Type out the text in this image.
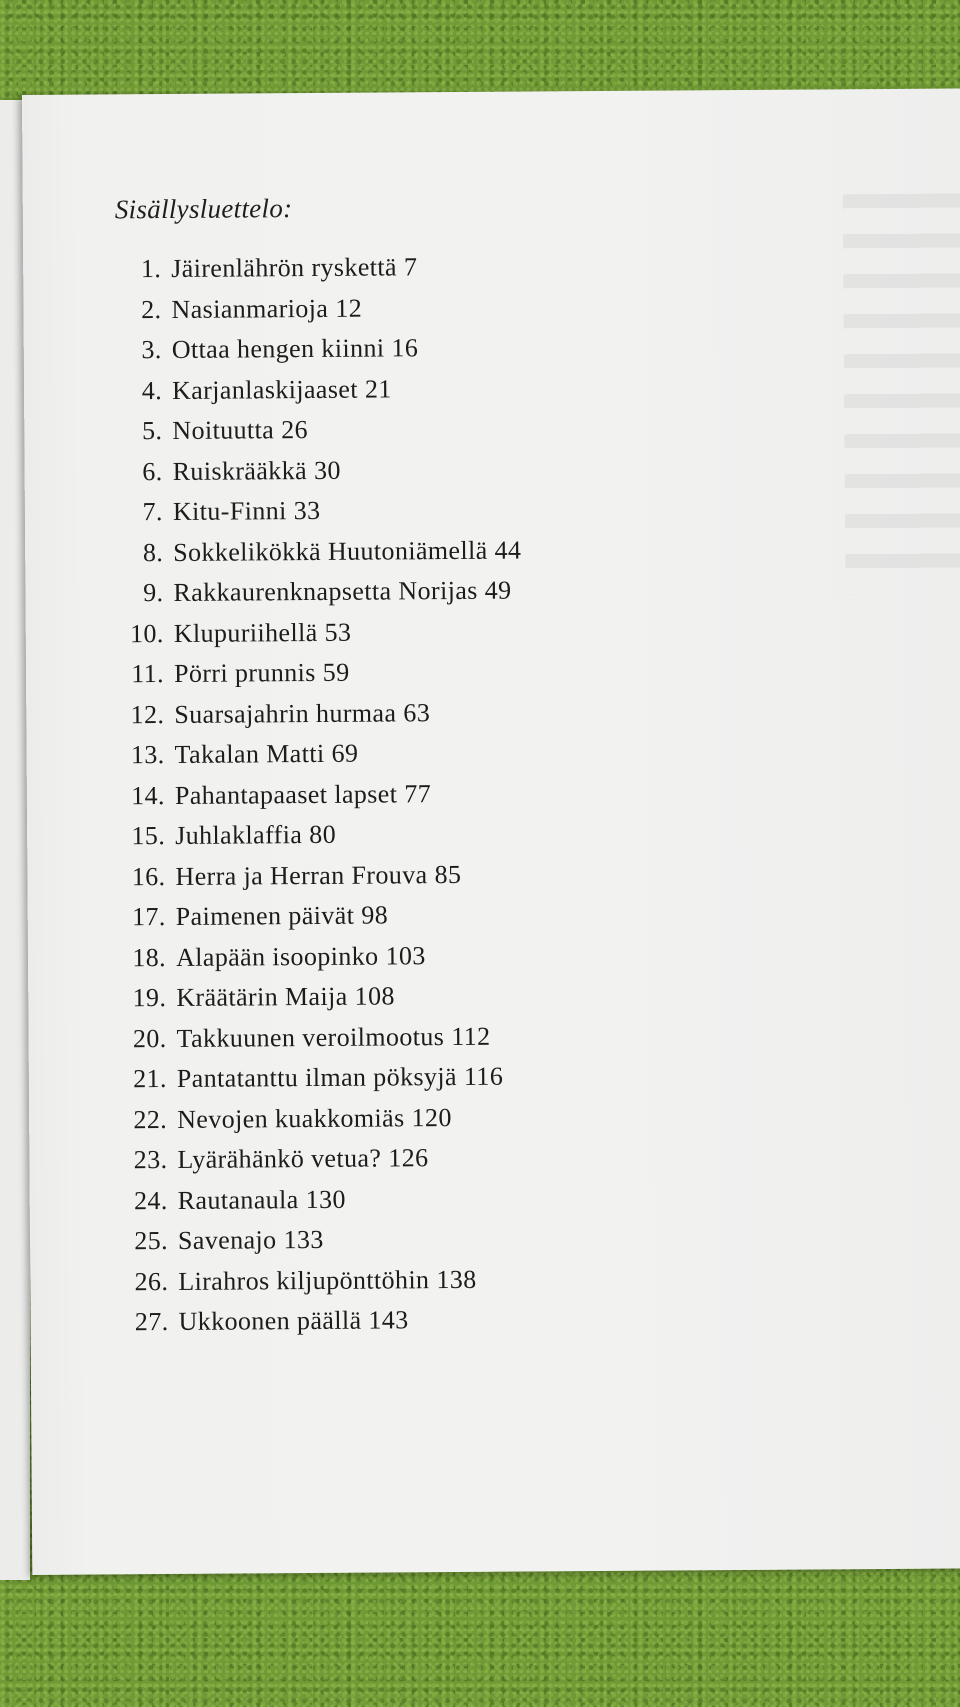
Sisällysluettelo:

1. Jäirenlährön ryskettä 7
2. Nasianmarioja 12
3. Ottaa hengen kiinni 16
4. Karjanlaskijaaset 21
5. Noituutta 26
6. Ruiskrääkkä 30
7. Kitu-Finni 33
8. Sokkelikökkä Huutoniämellä 44
9. Rakkaurenknapsetta Norijas 49
10. Klupuriihellä 53
11. Pörri prunnis 59
12. Suarsajahrin hurmaa 63
13. Takalan Matti 69
14. Pahantapaaset lapset 77
15. Juhlaklaffia 80
16. Herra ja Herran Frouva 85
17. Paimenen päivät 98
18. Alapään isoopinko 103
19. Kräätärin Maija 108
20. Takkuunen veroilmootus 112
21. Pantatanttu ilman pöksyjä 116
22. Nevojen kuakkomiäs 120
23. Lyärähänkö vetua? 126
24. Rautanaula 130
25. Savenajo 133
26. Lirahros kiljupönttöhin 138
27. Ukkoonen päällä 143
